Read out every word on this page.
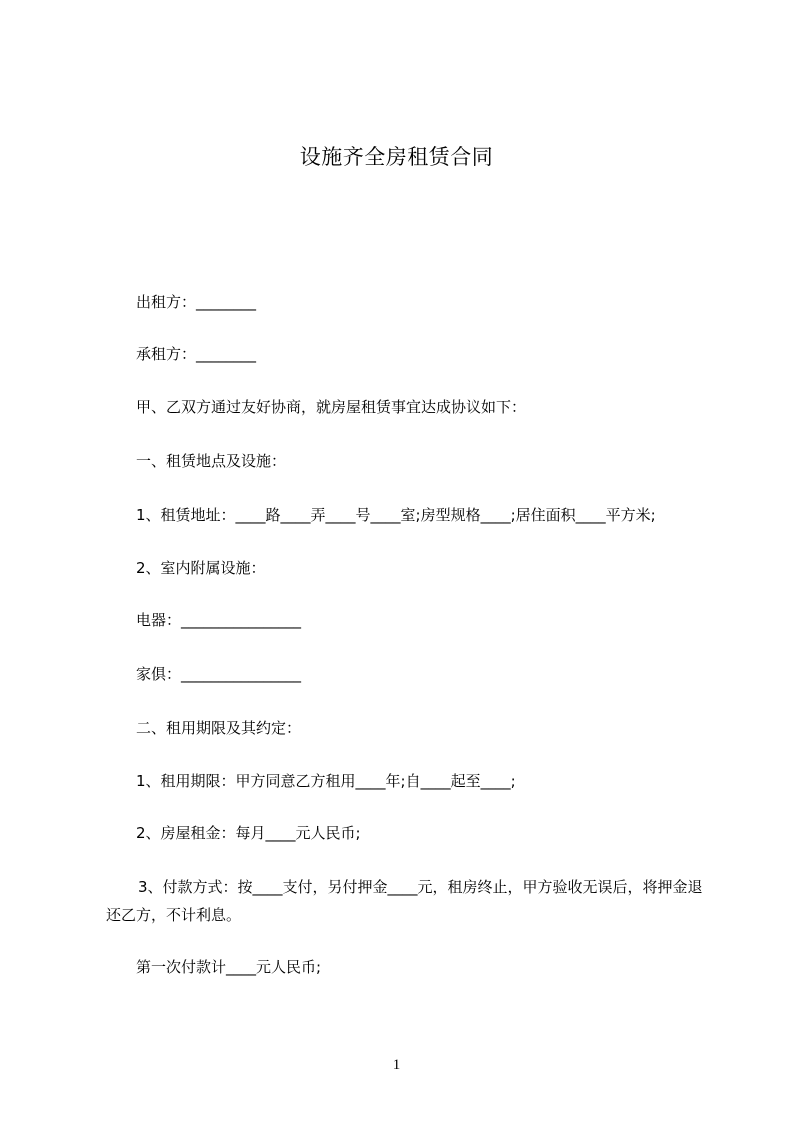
设施齐全房租赁合同
出租方：________
承租方：________
甲、乙双方通过友好协商，就房屋租赁事宜达成协议如下：
一、租赁地点及设施：
1、租赁地址：____路____弄____号____室;房型规格____;居住面积____平方米;
2、室内附属设施：
电器：________________
家俱：________________
二、租用期限及其约定：
1、租用期限：甲方同意乙方租用____年;自____起至____;
2、房屋租金：每月____元人民币;
3、付款方式：按____支付，另付押金____元，租房终止，甲方验收无误后，将押金退还乙方，不计利息。
第一次付款计____元人民币;
1
